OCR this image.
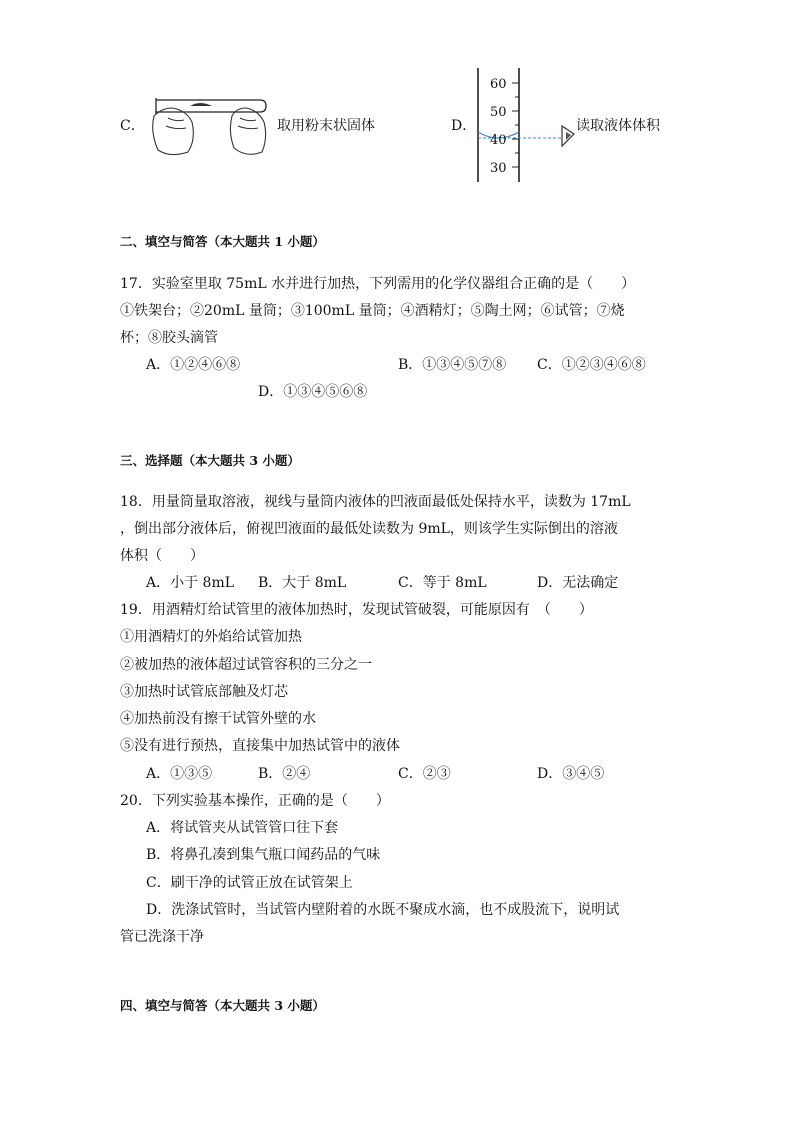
C．	取用粉末状固体	D．
60
50
40
30
读取液体体积
二、填空与简答（本大题共 1 小题）
17．实验室里取 75mL 水并进行加热，下列需用的化学仪器组合正确的是（　　）
①铁架台；②20mL 量筒；③100mL 量筒；④酒精灯；⑤陶土网；⑥试管；⑦烧
杯；⑧胶头滴管
A．①②④⑥⑧	B．①③④⑤⑦⑧ C．①②③④⑥⑧
D．①③④⑤⑥⑧
三、选择题（本大题共 3 小题）
18．用量筒量取溶液，视线与量筒内液体的凹液面最低处保持水平，读数为 17mL
，倒出部分液体后，俯视凹液面的最低处读数为 9mL，则该学生实际倒出的溶液
体积（　　）
A．小于 8mL B．大于 8mL	C．等于 8mL	D．无法确定
19．用酒精灯给试管里的液体加热时，发现试管破裂，可能原因有　（　　）
①用酒精灯的外焰给试管加热
②被加热的液体超过试管容积的三分之一
③加热时试管底部触及灯芯
④加热前没有擦干试管外壁的水
⑤没有进行预热，直接集中加热试管中的液体
A．①③⑤	B．②④	C．②③	D．③④⑤
20．下列实验基本操作，正确的是（　　）
A．将试管夹从试管管口往下套
B．将鼻孔凑到集气瓶口闻药品的气味
C．刷干净的试管正放在试管架上
D．洗涤试管时，当试管内壁附着的水既不聚成水滴，也不成股流下，说明试
管已洗涤干净
四、填空与简答（本大题共 3 小题）
